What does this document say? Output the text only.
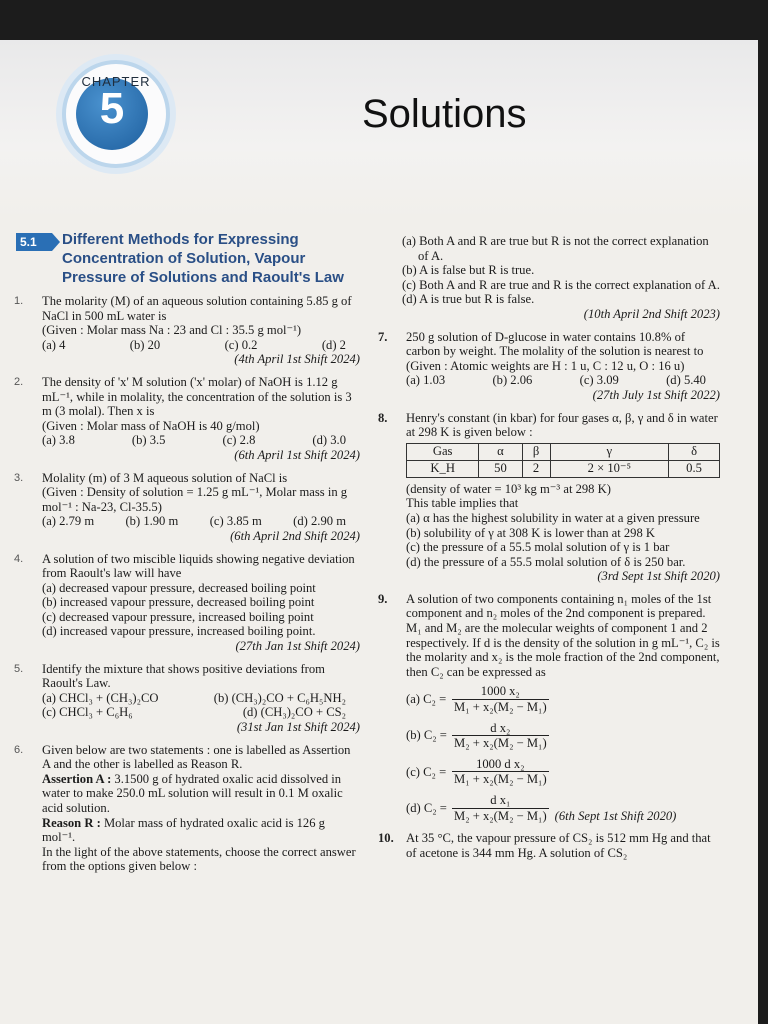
CHAPTER
5	Solutions
5.1	Different Methods for Expressing Concentration of Solution, Vapour Pressure of Solutions and Raoult's Law
1. The molarity (M) of an aqueous solution containing 5.85 g of NaCl in 500 mL water is
(Given : Molar mass Na : 23 and Cl : 35.5 g mol⁻¹)
(a) 4	(b) 20	(c) 0.2	(d) 2
(4th April 1st Shift 2024)
2. The density of 'x' M solution ('x' molar) of NaOH is 1.12 g mL⁻¹, while in molality, the concentration of the solution is 3 m (3 molal). Then x is
(Given : Molar mass of NaOH is 40 g/mol)
(a) 3.8	(b) 3.5	(c) 2.8	(d) 3.0
(6th April 1st Shift 2024)
3. Molality (m) of 3 M aqueous solution of NaCl is
(Given : Density of solution = 1.25 g mL⁻¹, Molar mass in g mol⁻¹ : Na-23, Cl-35.5)
(a) 2.79 m (b) 1.90 m (c) 3.85 m (d) 2.90 m
(6th April 2nd Shift 2024)
4. A solution of two miscible liquids showing negative deviation from Raoult's law will have
(a) decreased vapour pressure, decreased boiling point
(b) increased vapour pressure, decreased boiling point
(c) decreased vapour pressure, increased boiling point
(d) increased vapour pressure, increased boiling point.
(27th Jan 1st Shift 2024)
5. Identify the mixture that shows positive deviations from Raoult's Law.
(a) CHCl₃ + (CH₃)₂CO	(b) (CH₃)₂CO + C₆H₅NH₂
(c) CHCl₃ + C₆H₆	(d) (CH₃)₂CO + CS₂
(31st Jan 1st Shift 2024)
6. Given below are two statements : one is labelled as Assertion A and the other is labelled as Reason R.
Assertion A : 3.1500 g of hydrated oxalic acid dissolved in water to make 250.0 mL solution will result in 0.1 M oxalic acid solution.
Reason R : Molar mass of hydrated oxalic acid is 126 g mol⁻¹.
In the light of the above statements, choose the correct answer from the options given below :
(a) Both A and R are true but R is not the correct explanation of A.
(b) A is false but R is true.
(c) Both A and R are true and R is the correct explanation of A.
(d) A is true but R is false.
(10th April 2nd Shift 2023)
7. 250 g solution of D-glucose in water contains 10.8% of carbon by weight. The molality of the solution is nearest to (Given : Atomic weights are H : 1 u, C : 12 u, O : 16 u)
(a) 1.03	(b) 2.06	(c) 3.09	(d) 5.40
(27th July 1st Shift 2022)
8. Henry's constant (in kbar) for four gases α, β, γ and δ in water at 298 K is given below :
Gas	α	β	γ	δ
K_H	50	2	2 × 10⁻⁵	0.5
(density of water = 10³ kg m⁻³ at 298 K)
This table implies that
(a) α has the highest solubility in water at a given pressure
(b) solubility of γ at 308 K is lower than at 298 K
(c) the pressure of a 55.5 molal solution of γ is 1 bar
(d) the pressure of a 55.5 molal solution of δ is 250 bar.
(3rd Sept 1st Shift 2020)
9. A solution of two components containing n₁ moles of the 1st component and n₂ moles of the 2nd component is prepared. M₁ and M₂ are the molecular weights of component 1 and 2 respectively. If d is the density of the solution in g mL⁻¹, C₂ is the molarity and x₂ is the mole fraction of the 2nd component, then C₂ can be expressed as
(a) $C_2 = \frac{\text{1000 x₂}}{\text{M₁ + x₂(M₂ − M₁)}}$
(b) $C_2 = \frac{\text{d x₂}}{\text{M₂ + x₂(M₂ − M₁)}}$
(c) $C_2 = \frac{\text{1000 d x₂}}{\text{M₁ + x₂(M₂ − M₁)}}$
(d) $C_2 = \frac{\text{d x₁}}{\text{M₂ + x₂(M₂ − M₁)}} (6th$ Sept 1st Shift 2020)
10. At 35 °C, the vapour pressure of CS₂ is 512 mm Hg and that of acetone is 344 mm Hg. A solution of CS₂
